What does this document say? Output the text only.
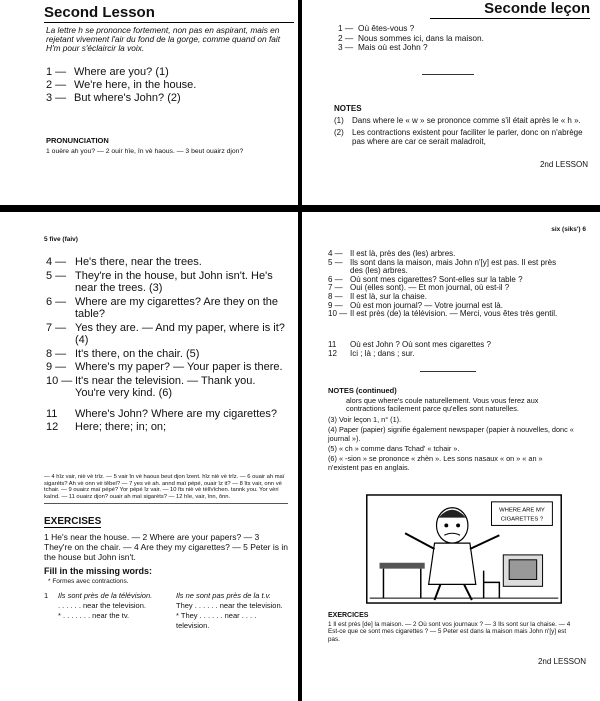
Second Lesson
La lettre h se prononce fortement, non pas en aspirant, mais en rejetant vivement l'air du fond de la gorge, comme quand on fait H'm pour s'éclaircir la voix.
1 — Where are you? (1)
2 — We're here, in the house.
3 — But where's John? (2)
PRONUNCIATION
1 ouère ah you? — 2 ouir hîe, în vè haous. — 3 beut ouairz djon?
Seconde leçon
1 — Où êtes-vous ?
2 — Nous sommes ici, dans la maison.
3 — Mais où est John ?
NOTES
(1)	Dans where le « w » se prononce comme s'il était après le « h ».
(2)	Les contractions existent pour faciliter le parler, donc on n'abrège pas where are car ce serait maladroit,
2nd LESSON
5 five (faiv)
4 — He's there, near the trees.
5 — They're in the house, but John isn't. He's near the trees. (3)
6 — Where are my cigarettes? Are they on the table?
7 — Yes they are. — And my paper, where is it? (4)
8 — It's there, on the chair. (5)
9 — Where's my paper? — Your paper is there.
10 — It's near the television. — Thank you. You're very kind. (6)
11	Where's John? Where are my cigarettes?
12	Here; there; in; on;
— 4 hîz vair, niè vè trîz. — 5 vair în vè haous beut djon îzent. hîz niè vè trîz. — 6 ouair ah maï sigaréts? Ah vè onn vè têbel? — 7 yes vè ah. annd maï pépé, ouair îz it? — 8 îts vair, onn vè tchair. — 9 ouairz maï pépé? Yor pépé îz vair. — 10 îts niè vè tèlîvîchen. tannk you. Yor vèri kaïnd. — 11 ouairz djon? ouair ah maï sigarèts? — 12 hîe, vair, înn, ônn.
EXERCISES
1 He's near the house. — 2 Where are your papers? — 3 They're on the chair. — 4 Are they my cigarettes? — 5 Peter is in the house but John isn't.
Fill in the missing words:
* Formes avec contractions.
1	Ils sont près de la télévision.	Ils ne sont pas près de la t.v.
. . . . . . near the television.	They . . . . . . near the television.
* . . . . . . . near the tv.	* They . . . . . . near . . . . television.
six (siks') 6
4 — Il est là, près des (les) arbres.
5 — Ils sont dans la maison, mais John n'[y] est pas. Il est près des (les) arbres.
6 — Où sont mes cigarettes? Sont-elles sur la table ?
7 — Oui (elles sont). — Et mon journal, où est-il ?
8 — Il est là, sur la chaise.
9 — Où est mon journal? — Votre journal est là.
10 — Il est près (de) la télévision. — Merci, vous êtes très gentil.
11	Où est John ? Où sont mes cigarettes ?
12	Ici ; là ; dans ; sur.
NOTES (continued)
alors que where's coule naturellement. Vous vous ferez aux contractions facilement parce qu'elles sont naturelles.
(3) Voir leçon 1, n° (1).
(4) Paper (papier) signifie également newspaper (papier à nouvelles, donc « journal »).
(5) « ch » comme dans Tchad' « tchair ».
(6) « -sion » se prononce « zhèn ». Les sons nasaux « on » « an » n'existent pas en anglais.
WHERE ARE MY
CIGARETTES ?
EXERCICES
1 Il est près [de] la maison. — 2 Où sont vos journaux ? — 3 Ils sont sur la chaise. — 4 Est-ce que ce sont mes cigarettes ? — 5 Peter est dans la maison mais John n'[y] est pas.
2nd LESSON
